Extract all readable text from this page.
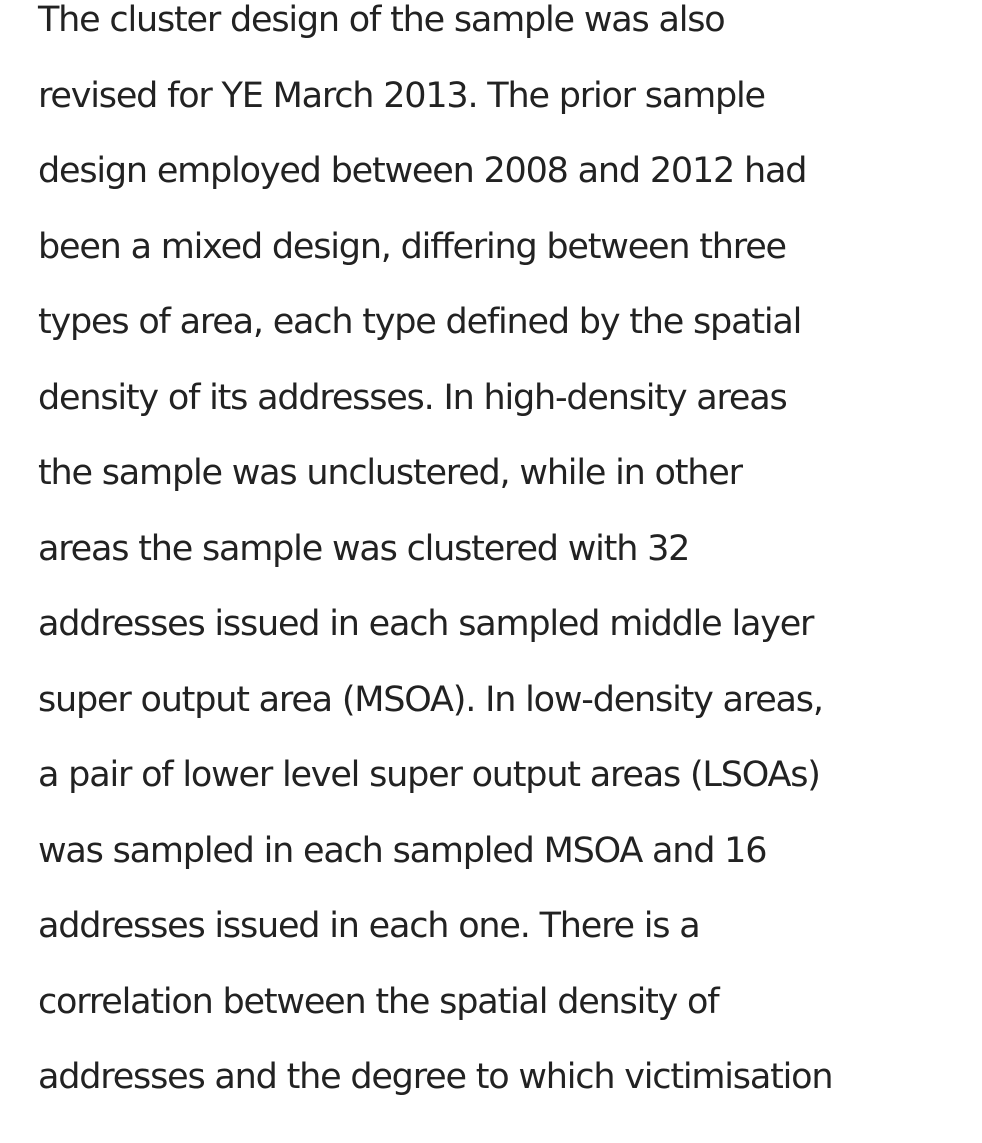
The cluster design of the sample was also
revised for YE March 2013. The prior sample
design employed between 2008 and 2012 had
been a mixed design, differing between three
types of area, each type defined by the spatial
density of its addresses. In high-density areas
the sample was unclustered, while in other
areas the sample was clustered with 32
addresses issued in each sampled middle layer
super output area (MSOA). In low-density areas,
a pair of lower level super output areas (LSOAs)
was sampled in each sampled MSOA and 16
addresses issued in each one. There is a
correlation between the spatial density of
addresses and the degree to which victimisation
